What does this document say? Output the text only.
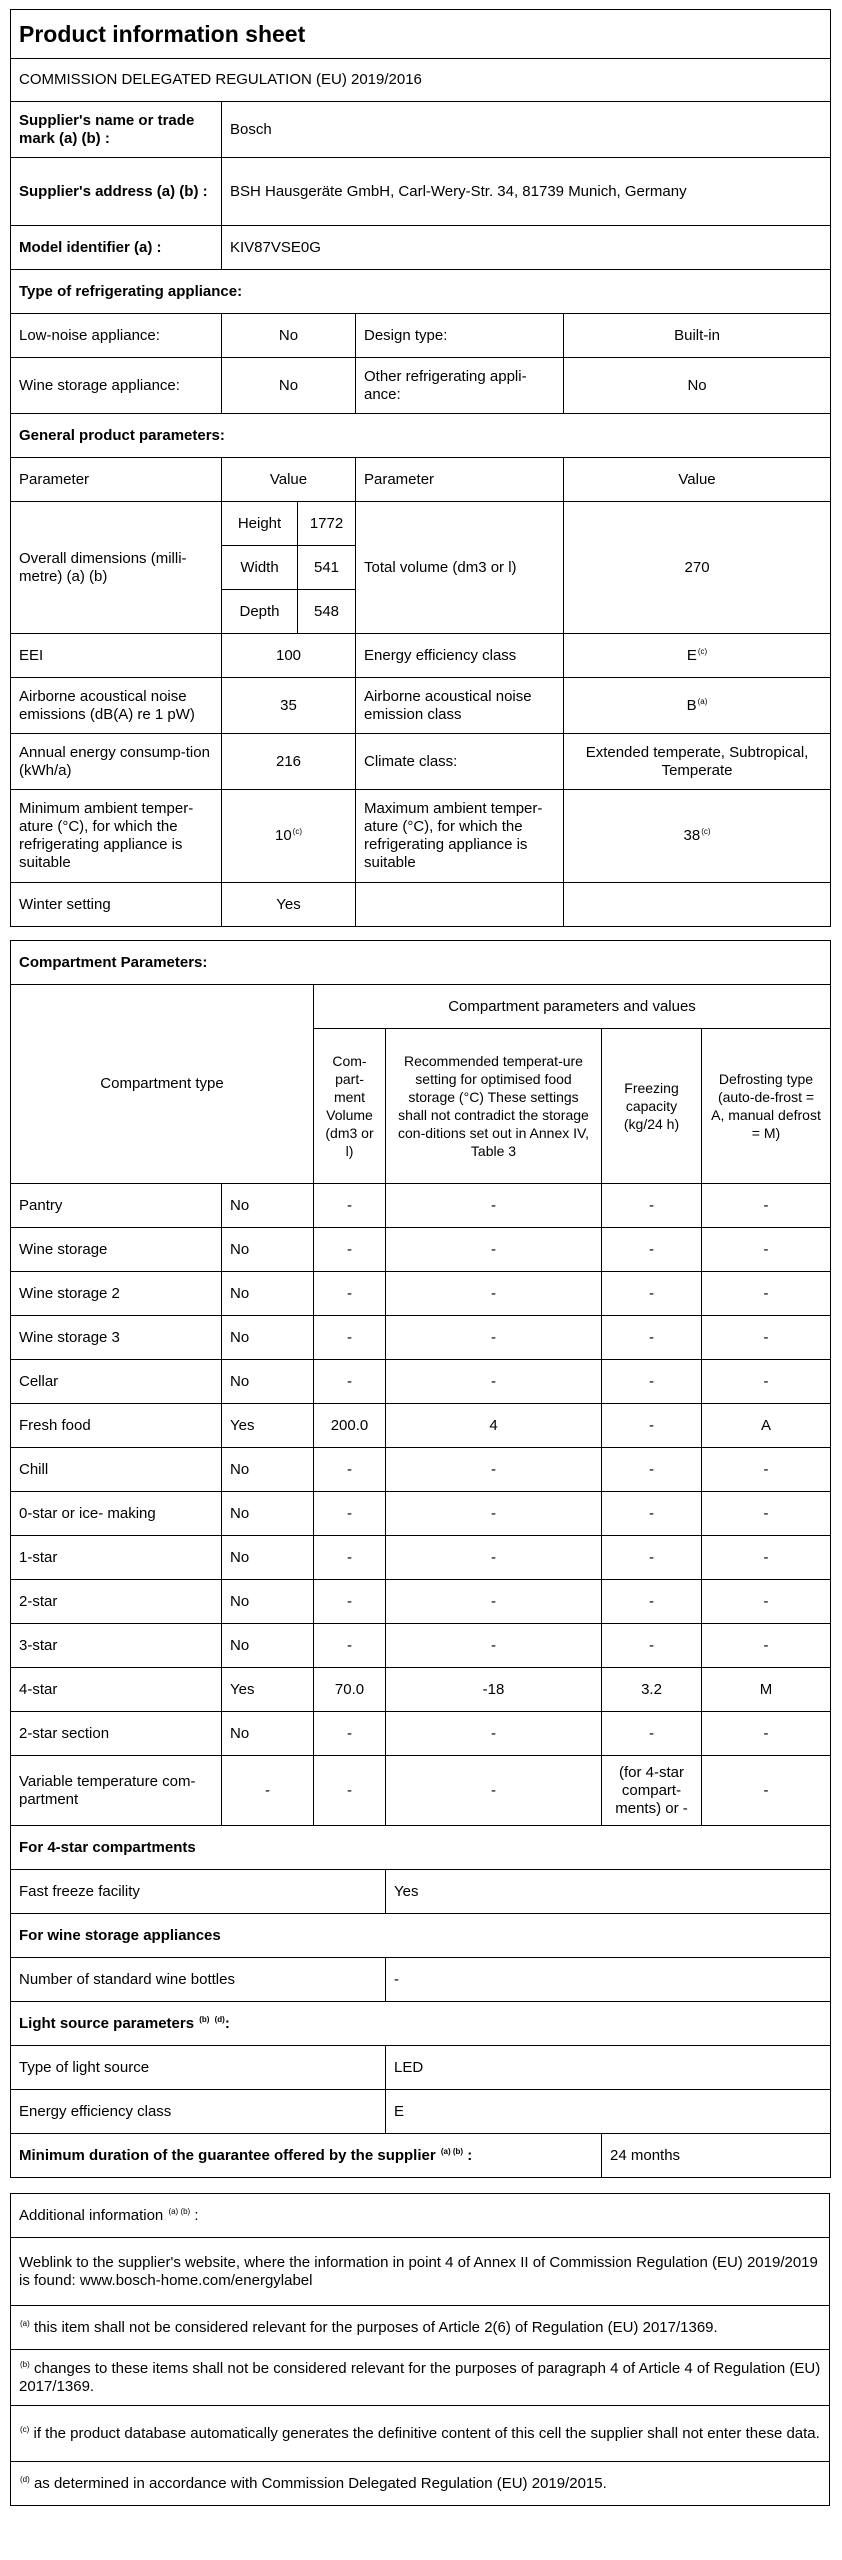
Product information sheet				
COMMISSION DELEGATED REGULATION (EU) 2019/2016				
Supplier's name or trade mark (a) (b) :	Bosch			
Supplier's address (a) (b) :	BSH Hausgeräte GmbH, Carl-Wery-Str. 34, 81739 Munich, Germany			
Model identifier (a) :	KIV87VSE0G			
Type of refrigerating appliance:				
Low-noise appliance:	No		Design type:	Built-in
Wine storage appliance:	No		Other refrigerating appli-ance:	No
General product parameters:				
Parameter	Value		Parameter	Value
Overall dimensions (milli-metre) (a) (b)	Height	1772	Total volume (dm3 or l)	270
	Width	541		
	Depth	548		
EEI	100		Energy efficiency class	$E^{(c)}$
Airborne acoustical noise emissions (dB(A) re 1 pW)	35		Airborne acoustical noise emission class	$B^{(a)}$
Annual energy consump-tion (kWh/a)	216		Climate class:	Extended temperate, Subtropical, Temperate
Minimum ambient temper-ature (°C), for which the refrigerating appliance is suitable	10$^{(c)}$		Maximum ambient temper-ature (°C), for which the refrigerating appliance is suitable	38$^{(c)}$
Winter setting	Yes			
Compartment Parameters:					
Compartment type		Compartment parameters and values			
		Com-part-ment Volume (dm3 or l)	Recommended temperat-ure setting for optimised food storage (°C) These settings shall not contradict the storage con-ditions set out in Annex IV, Table 3	Freezing capacity (kg/24 h)	Defrosting type (auto-de-frost = A, manual defrost = M)
Pantry	No	-	-	-	-
Wine storage	No	-	-	-	-
Wine storage 2	No	-	-	-	-
Wine storage 3	No	-	-	-	-
Cellar	No	-	-	-	-
Fresh food	Yes	200.0	4	-	A
Chill	No	-	-	-	-
0-star or ice- making	No	-	-	-	-
1-star	No	-	-	-	-
2-star	No	-	-	-	-
3-star	No	-	-	-	-
4-star	Yes	70.0	-18	3.2	M
2-star section	No	-	-	-	-
Variable temperature com-partment	-	-	-	(for 4-star compart-ments) or -	-
For 4-star compartments					
Fast freeze facility			Yes		
For wine storage appliances					
Number of standard wine bottles			-		
Light source parameters $^{(b)}$ $^{(d)}$:					
Type of light source			LED		
Energy efficiency class			E		
Minimum duration of the guarantee offered by the supplier $^{(a) (b)}$ :				24 months	
Additional information $^{(a) (b)}$ :
Weblink to the supplier's website, where the information in point 4 of Annex II of Commission Regulation (EU) 2019/2019 is found: www.bosch-home.com/energylabel
$^{(a)}$ this item shall not be considered relevant for the purposes of Article 2(6) of Regulation (EU) 2017/1369.
$^{(b)}$ changes to these items shall not be considered relevant for the purposes of paragraph 4 of Article 4 of Regulation (EU) 2017/1369.
$^{(c)}$ if the product database automatically generates the definitive content of this cell the supplier shall not enter these data.
$^{(d)}$ as determined in accordance with Commission Delegated Regulation (EU) 2019/2015.
